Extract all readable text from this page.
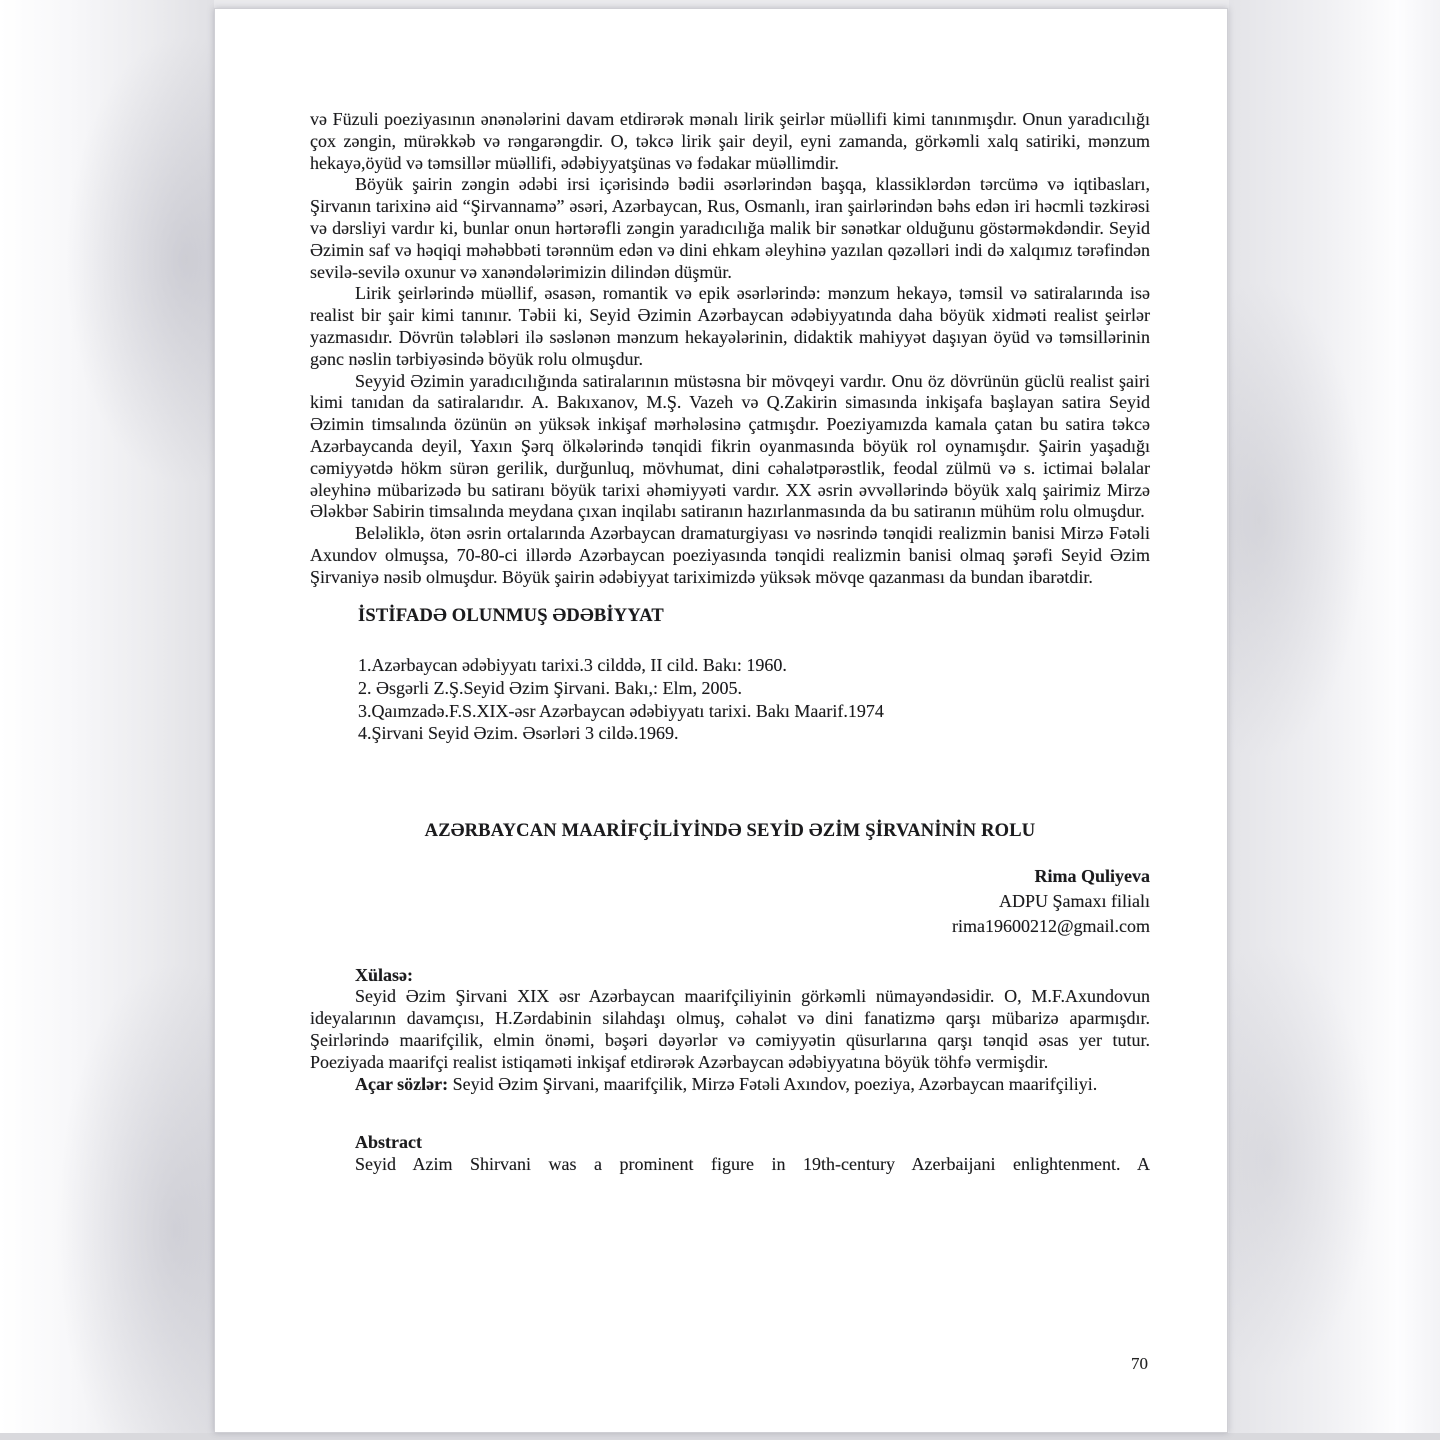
və Füzuli poeziyasının ənənələrini davam etdirərək mənalı lirik şeirlər müəllifi kimi tanınmışdır. Onun yaradıcılığı çox zəngin, mürəkkəb və rəngarəngdir. O, təkcə lirik şair deyil, eyni zamanda, görkəmli xalq satiriki, mənzum hekayə,öyüd və təmsillər müəllifi, ədəbiyyatşünas və fədakar müəllimdir.

Böyük şairin zəngin ədəbi irsi içərisində bədii əsərlərindən başqa, klassiklərdən tərcümə və iqtibasları, Şirvanın tarixinə aid “Şirvannamə” əsəri, Azərbaycan, Rus, Osmanlı, iran şairlərindən bəhs edən iri həcmli təzkirəsi və dərsliyi vardır ki, bunlar onun hərtərəfli zəngin yaradıcılığa malik bir sənətkar olduğunu göstərməkdəndir. Seyid Əzimin saf və həqiqi məhəbbəti tərənnüm edən və dini ehkam əleyhinə yazılan qəzəlləri indi də xalqımız tərəfindən sevilə-sevilə oxunur və xanəndələrimizin dilindən düşmür.

Lirik şeirlərində müəllif, əsasən, romantik və epik əsərlərində: mənzum hekayə, təmsil və satiralarında isə realist bir şair kimi tanınır. Təbii ki, Seyid Əzimin Azərbaycan ədəbiyyatında daha böyük xidməti realist şeirlər yazmasıdır. Dövrün tələbləri ilə səslənən mənzum hekayələrinin, didaktik mahiyyət daşıyan öyüd və təmsillərinin gənc nəslin tərbiyəsində böyük rolu olmuşdur.

Seyyid Əzimin yaradıcılığında satiralarının müstəsna bir mövqeyi vardır. Onu öz dövrünün güclü realist şairi kimi tanıdan da satiralarıdır. A. Bakıxanov, M.Ş. Vazeh və Q.Zakirin simasında inkişafa başlayan satira Seyid Əzimin timsalında özünün ən yüksək inkişaf mərhələsinə çatmışdır. Poeziyamızda kamala çatan bu satira təkcə Azərbaycanda deyil, Yaxın Şərq ölkələrində tənqidi fikrin oyanmasında böyük rol oynamışdır. Şairin yaşadığı cəmiyyətdə hökm sürən gerilik, durğunluq, mövhumat, dini cəhalətpərəstlik, feodal zülmü və s. ictimai bəlalar əleyhinə mübarizədə bu satiranı böyük tarixi əhəmiyyəti vardır. XX əsrin əvvəllərində böyük xalq şairimiz Mirzə Ələkbər Sabirin timsalında meydana çıxan inqilabı satiranın hazırlanmasında da bu satiranın mühüm rolu olmuşdur.

Beləliklə, ötən əsrin ortalarında Azərbaycan dramaturgiyası və nəsrində tənqidi realizmin banisi Mirzə Fətəli Axundov olmuşsa, 70-80-ci illərdə Azərbaycan poeziyasında tənqidi realizmin banisi olmaq şərəfi Seyid Əzim Şirvaniyə nəsib olmuşdur. Böyük şairin ədəbiyyat tariximizdə yüksək mövqe qazanması da bundan ibarətdir.

İSTİFADƏ OLUNMUŞ ƏDƏBİYYAT

1.Azərbaycan ədəbiyyatı tarixi.3 cilddə, II cild. Bakı: 1960.

2. Əsgərli Z.Ş.Seyid Əzim Şirvani. Bakı,: Elm, 2005.

3.Qaımzadə.F.S.XIX-əsr Azərbaycan ədəbiyyatı tarixi. Bakı Maarif.1974

4.Şirvani Seyid Əzim. Əsərləri 3 cildə.1969.

AZƏRBAYCAN MAARİFÇİLİYİNDƏ SEYİD ƏZİM ŞİRVANİNİN ROLU
Rima Quliyeva
ADPU Şamaxı filialı
rima19600212@gmail.com

Xülasə:

Seyid Əzim Şirvani XIX əsr Azərbaycan maarifçiliyinin görkəmli nümayəndəsidir. O, M.F.Axundovun ideyalarının davamçısı, H.Zərdabinin silahdaşı olmuş, cəhalət və dini fanatizmə qarşı mübarizə aparmışdır. Şeirlərində maarifçilik, elmin önəmi, bəşəri dəyərlər və cəmiyyətin qüsurlarına qarşı tənqid əsas yer tutur. Poeziyada maarifçi realist istiqaməti inkişaf etdirərək Azərbaycan ədəbiyyatına böyük töhfə vermişdir.

Açar sözlər: Seyid Əzim Şirvani, maarifçilik, Mirzə Fətəli Axındov, poeziya, Azərbaycan maarifçiliyi.

Abstract

Seyid Azim Shirvani was a prominent figure in 19th-century Azerbaijani enlightenment. A

70
